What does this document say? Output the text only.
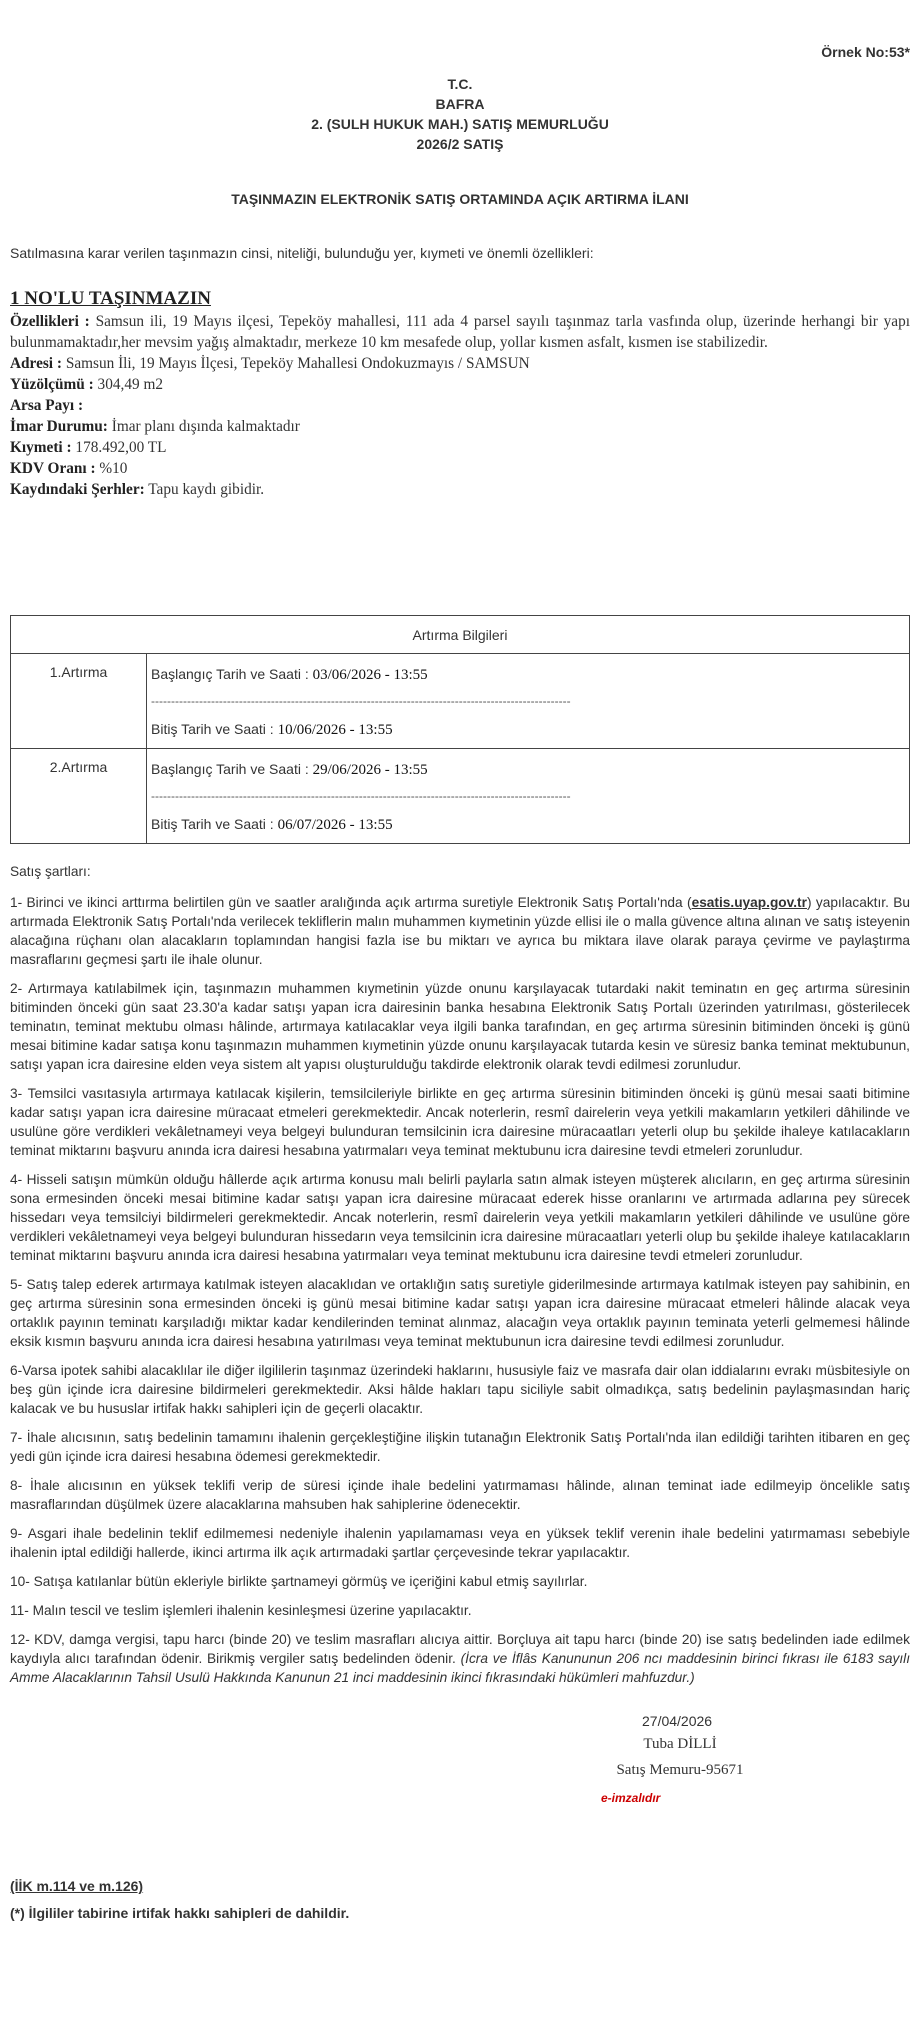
Örnek No:53*
T.C.
BAFRA
2. (SULH HUKUK MAH.) SATIŞ MEMURLUĞU
2026/2 SATIŞ
TAŞINMAZIN ELEKTRONİK SATIŞ ORTAMINDA AÇIK ARTIRMA İLANI
Satılmasına karar verilen taşınmazın cinsi, niteliği, bulunduğu yer, kıymeti ve önemli özellikleri:
1 NO'LU TAŞINMAZIN

Özellikleri : Samsun ili, 19 Mayıs ilçesi, Tepeköy mahallesi, 111 ada 4 parsel sayılı taşınmaz tarla vasfında olup, üzerinde herhangi bir yapı bulunmamaktadır,her mevsim yağış almaktadır, merkeze 10 km mesafede olup, yollar kısmen asfalt, kısmen ise stabilizedir.

Adresi : Samsun İli, 19 Mayıs İlçesi, Tepeköy Mahallesi Ondokuzmayıs / SAMSUN

Yüzölçümü : 304,49 m2

Arsa Payı :

İmar Durumu: İmar planı dışında kalmaktadır

Kıymeti : 178.492,00 TL

KDV Oranı : %10

Kaydındaki Şerhler: Tapu kaydı gibidir.

Artırma Bilgileri	
1.Artırma	Başlangıç Tarih ve Saati : 03/06/2026 - 13:55
---------------------------------------------------------------------------------------------------------
Bitiş Tarih ve Saati : 10/06/2026 - 13:55

2.Artırma	Başlangıç Tarih ve Saati : 29/06/2026 - 13:55
---------------------------------------------------------------------------------------------------------
Bitiş Tarih ve Saati : 06/07/2026 - 13:55

Satış şartları:

1- Birinci ve ikinci arttırma belirtilen gün ve saatler aralığında açık artırma suretiyle Elektronik Satış Portalı'nda (esatis.uyap.gov.tr) yapılacaktır. Bu artırmada Elektronik Satış Portalı'nda verilecek tekliflerin malın muhammen kıymetinin yüzde ellisi ile o malla güvence altına alınan ve satış isteyenin alacağına rüçhanı olan alacakların toplamından hangisi fazla ise bu miktarı ve ayrıca bu miktara ilave olarak paraya çevirme ve paylaştırma masraflarını geçmesi şartı ile ihale olunur.

2- Artırmaya katılabilmek için, taşınmazın muhammen kıymetinin yüzde onunu karşılayacak tutardaki nakit teminatın en geç artırma süresinin bitiminden önceki gün saat 23.30'a kadar satışı yapan icra dairesinin banka hesabına Elektronik Satış Portalı üzerinden yatırılması, gösterilecek teminatın, teminat mektubu olması hâlinde, artırmaya katılacaklar veya ilgili banka tarafından, en geç artırma süresinin bitiminden önceki iş günü mesai bitimine kadar satışa konu taşınmazın muhammen kıymetinin yüzde onunu karşılayacak tutarda kesin ve süresiz banka teminat mektubunun, satışı yapan icra dairesine elden veya sistem alt yapısı oluşturulduğu takdirde elektronik olarak tevdi edilmesi zorunludur.

3- Temsilci vasıtasıyla artırmaya katılacak kişilerin, temsilcileriyle birlikte en geç artırma süresinin bitiminden önceki iş günü mesai saati bitimine kadar satışı yapan icra dairesine müracaat etmeleri gerekmektedir. Ancak noterlerin, resmî dairelerin veya yetkili makamların yetkileri dâhilinde ve usulüne göre verdikleri vekâletnameyi veya belgeyi bulunduran temsilcinin icra dairesine müracaatları yeterli olup bu şekilde ihaleye katılacakların teminat miktarını başvuru anında icra dairesi hesabına yatırmaları veya teminat mektubunu icra dairesine tevdi etmeleri zorunludur.

4- Hisseli satışın mümkün olduğu hâllerde açık artırma konusu malı belirli paylarla satın almak isteyen müşterek alıcıların, en geç artırma süresinin sona ermesinden önceki mesai bitimine kadar satışı yapan icra dairesine müracaat ederek hisse oranlarını ve artırmada adlarına pey sürecek hissedarı veya temsilciyi bildirmeleri gerekmektedir. Ancak noterlerin, resmî dairelerin veya yetkili makamların yetkileri dâhilinde ve usulüne göre verdikleri vekâletnameyi veya belgeyi bulunduran hissedarın veya temsilcinin icra dairesine müracaatları yeterli olup bu şekilde ihaleye katılacakların teminat miktarını başvuru anında icra dairesi hesabına yatırmaları veya teminat mektubunu icra dairesine tevdi etmeleri zorunludur.

5- Satış talep ederek artırmaya katılmak isteyen alacaklıdan ve ortaklığın satış suretiyle giderilmesinde artırmaya katılmak isteyen pay sahibinin, en geç artırma süresinin sona ermesinden önceki iş günü mesai bitimine kadar satışı yapan icra dairesine müracaat etmeleri hâlinde alacak veya ortaklık payının teminatı karşıladığı miktar kadar kendilerinden teminat alınmaz, alacağın veya ortaklık payının teminata yeterli gelmemesi hâlinde eksik kısmın başvuru anında icra dairesi hesabına yatırılması veya teminat mektubunun icra dairesine tevdi edilmesi zorunludur.

6-Varsa ipotek sahibi alacaklılar ile diğer ilgililerin taşınmaz üzerindeki haklarını, hususiyle faiz ve masrafa dair olan iddialarını evrakı müsbitesiyle on beş gün içinde icra dairesine bildirmeleri gerekmektedir. Aksi hâlde hakları tapu siciliyle sabit olmadıkça, satış bedelinin paylaşmasından hariç kalacak ve bu hususlar irtifak hakkı sahipleri için de geçerli olacaktır.

7- İhale alıcısının, satış bedelinin tamamını ihalenin gerçekleştiğine ilişkin tutanağın Elektronik Satış Portalı'nda ilan edildiği tarihten itibaren en geç yedi gün içinde icra dairesi hesabına ödemesi gerekmektedir.

8- İhale alıcısının en yüksek teklifi verip de süresi içinde ihale bedelini yatırmaması hâlinde, alınan teminat iade edilmeyip öncelikle satış masraflarından düşülmek üzere alacaklarına mahsuben hak sahiplerine ödenecektir.

9- Asgari ihale bedelinin teklif edilmemesi nedeniyle ihalenin yapılamaması veya en yüksek teklif verenin ihale bedelini yatırmaması sebebiyle ihalenin iptal edildiği hallerde, ikinci artırma ilk açık artırmadaki şartlar çerçevesinde tekrar yapılacaktır.

10- Satışa katılanlar bütün ekleriyle birlikte şartnameyi görmüş ve içeriğini kabul etmiş sayılırlar.

11- Malın tescil ve teslim işlemleri ihalenin kesinleşmesi üzerine yapılacaktır.

12- KDV, damga vergisi, tapu harcı (binde 20) ve teslim masrafları alıcıya aittir. Borçluya ait tapu harcı (binde 20) ise satış bedelinden iade edilmek kaydıyla alıcı tarafından ödenir. Birikmiş vergiler satış bedelinden ödenir. (İcra ve İflâs Kanununun 206 ncı maddesinin birinci fıkrası ile 6183 sayılı Amme Alacaklarının Tahsil Usulü Hakkında Kanunun 21 inci maddesinin ikinci fıkrasındaki hükümleri mahfuzdur.)

27/04/2026
Tuba DİLLİ
Satış Memuru-95671
e-imzalıdır
(İİK m.114 ve m.126)
(*) İlgililer tabirine irtifak hakkı sahipleri de dahildir.
